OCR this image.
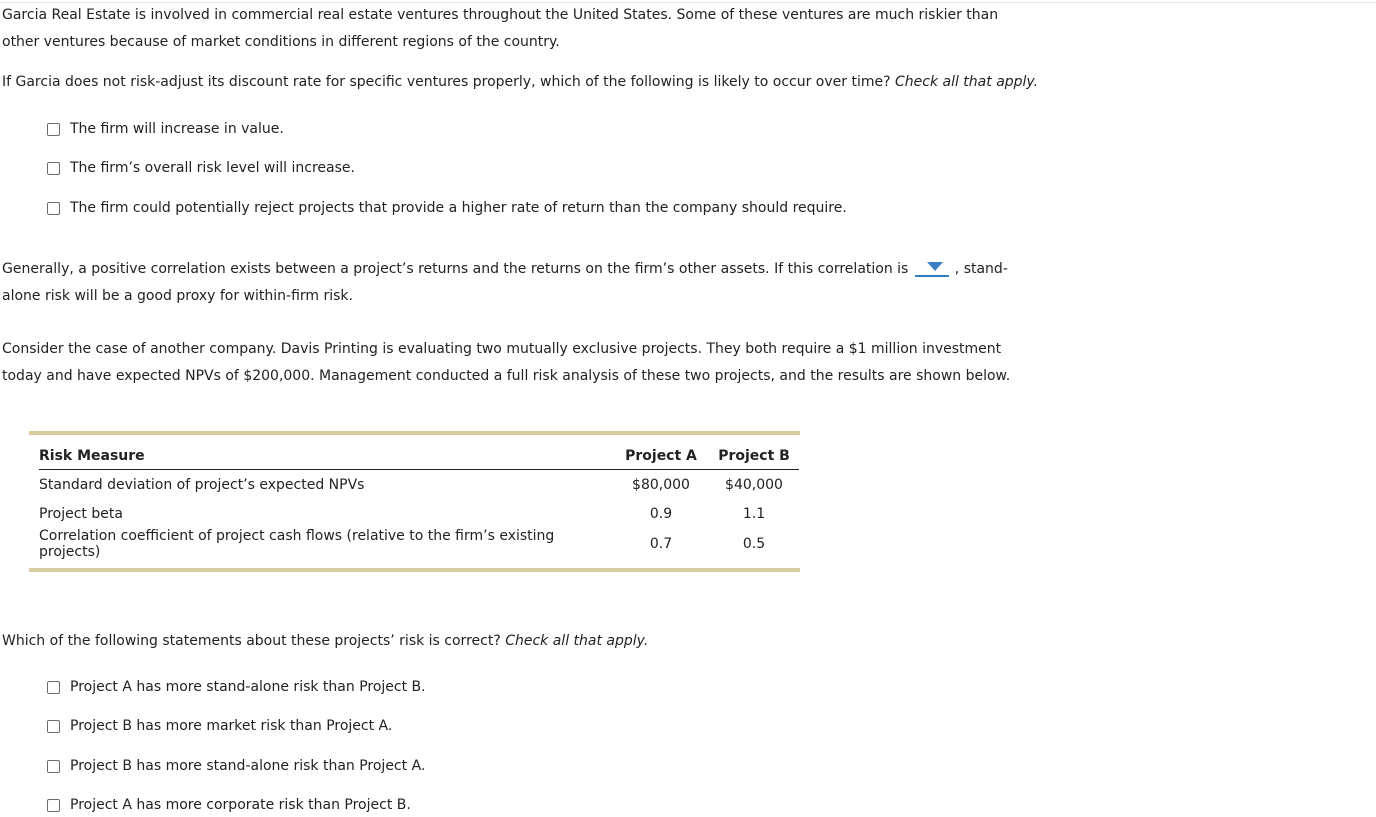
Garcia Real Estate is involved in commercial real estate ventures throughout the United States. Some of these ventures are much riskier than other ventures because of market conditions in different regions of the country.

If Garcia does not risk-adjust its discount rate for specific ventures properly, which of the following is likely to occur over time? Check all that apply.

The firm will increase in value.
The firm’s overall risk level will increase.
The firm could potentially reject projects that provide a higher rate of return than the company should require.

Generally, a positive correlation exists between a project’s returns and the returns on the firm’s other assets. If this correlation is	, stand-alone risk will be a good proxy for within-firm risk.

Consider the case of another company. Davis Printing is evaluating two mutually exclusive projects. They both require a $1 million investment today and have expected NPVs of $200,000. Management conducted a full risk analysis of these two projects, and the results are shown below.

Risk Measure	Project A	Project B
Standard deviation of project’s expected NPVs	$80,000	$40,000
Project beta	0.9	1.1
Correlation coefficient of project cash flows (relative to the firm’s existing projects)	0.7	0.5

Which of the following statements about these projects’ risk is correct? Check all that apply.

Project A has more stand-alone risk than Project B.
Project B has more market risk than Project A.
Project B has more stand-alone risk than Project A.
Project A has more corporate risk than Project B.
